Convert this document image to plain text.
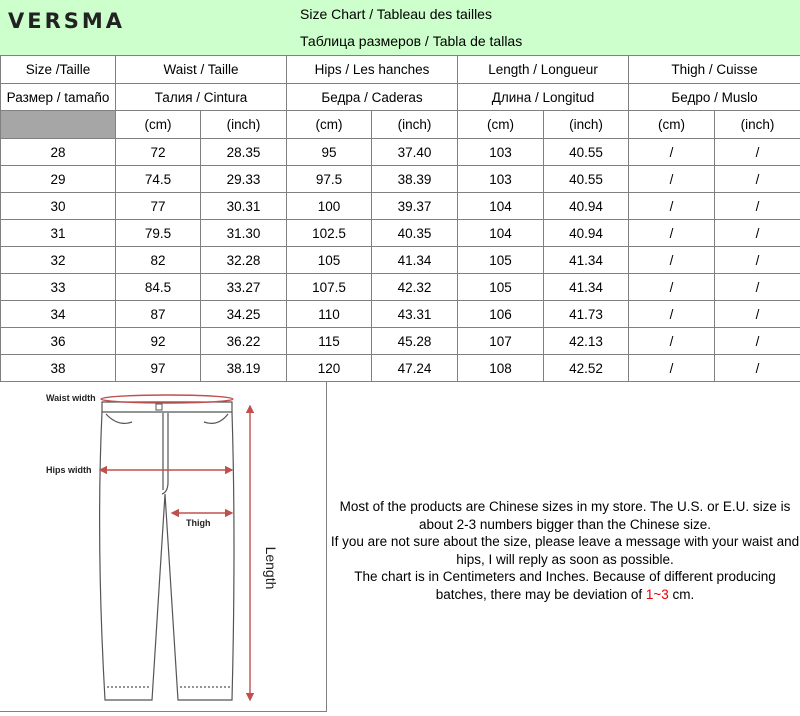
VERSMA	Size Chart / Tableau des tailles
Таблица размеров / Tabla de tallas
Size /Taille	Waist / Taille		Hips / Les hanches		Length / Longueur		Thigh / Cuisse	
Размер / tamaño	Талия / Cintura		Бедра / Caderas		Длина / Longitud		Бедро / Muslo	
	(cm)	(inch)	(cm)	(inch)	(cm)	(inch)	(cm)	(inch)
28	72	28.35	95	37.40	103	40.55	/	/
29	74.5	29.33	97.5	38.39	103	40.55	/	/
30	77	30.31	100	39.37	104	40.94	/	/
31	79.5	31.30	102.5	40.35	104	40.94	/	/
32	82	32.28	105	41.34	105	41.34	/	/
33	84.5	33.27	107.5	42.32	105	41.34	/	/
34	87	34.25	110	43.31	106	41.73	/	/
36	92	36.22	115	45.28	107	42.13	/	/
38	97	38.19	120	47.24	108	42.52	/	/
Length
Waist width
Hips width
Thigh
Most of the products are Chinese sizes in my store. The U.S. or E.U. size is
about 2-3 numbers bigger than the Chinese size.
If you are not sure about the size, please leave a message with your waist and
hips, I will reply as soon as possible.
The chart is in Centimeters and Inches. Because of different producing
batches, there may be deviation of 1~3 cm.
